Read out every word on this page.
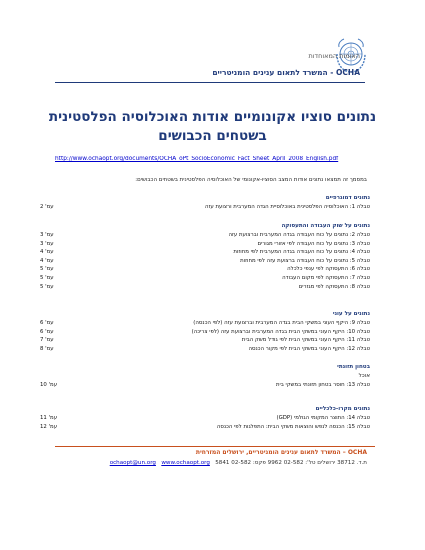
האומות המאוחדות
OCHA - המשרד לתאום ענינים הומניטריים
נתונים סוציו אקונומיים אודות האוכלוסיה הפלסטינית
בשטחים הכבושים
http://www.ochaopt.org/documents/OCHA_oPt_SocioEconomic_Fact_Sheet_April_2008_English.pdf
במסמך זה תמצאו נתונים אודות המצב הסוציו-אקונומי של האוכלוסיה הפלסטינית בשטחים הכבושים:
נתונים דמוגרפיים
טבלה 1: האוכלוסיה הפלסטינית באוכלוסיית הגדה המערבית ורצועת עזה
עמ' 2
נתונים על שוק העבודה והתעסוקה
טבלה 2: נתונים על כוח העבודה בגדה המערבית וברצועת עזה
עמ' 3
טבלה 3: נתונים על כוח העבודה לפי אזורי מגורים
עמ' 3
טבלה 4: נתונים על כוח העבודה בגדה המערבית לפי מחוזות
עמ' 4
טבלה 5: נתונים על כוח העבודה ברצועת עזה לפי מחוזות
עמ' 4
טבלה 6: התעסוקה לפי ענפי כלכלה
עמ' 5
טבלה 7: התעסוקה לפי מקום העבודה
עמ' 5
טבלה 8: התעסוקה לפי מגזרים
עמ' 5
נתונים על עוני
טבלה 9: היקף העוני במשקי הבית בגדה המערבית וברצועת עזה (לפי הכנסה)
עמ' 6
טבלה 10: היקף העוני במשקי הבית בגדה המערבית וברצועת עזה (לפי צריכה)
עמ' 6
טבלה 11: היקף העוני במשקי הבית לפי גודל משק הבית
עמ' 7
טבלה 12: היקף העוני במשקי הבית לפי מקור הכנסה
עמ' 8
בטחון תזונתי
אוכל
טבלה 13: חוסר בטחון תזונתי במשקי בית
עמ' 10
נתונים מקרו-כלכליים
טבלה 14: התוצר המקומי הגולמי (GDP)
עמ' 11
טבלה 15: הכנסה לנפש והוצאות משקי הבית: התפלגות לפי הכנסה
עמ' 12
OCHA – המשרד לתאום ענינים הומניטריים, ירושלים המזרחית
ת.ד. 38712 ירושלים טל': 02-582 9962 פקס: 02-582 5841   ochaopt@un.org www.ochaopt.org
